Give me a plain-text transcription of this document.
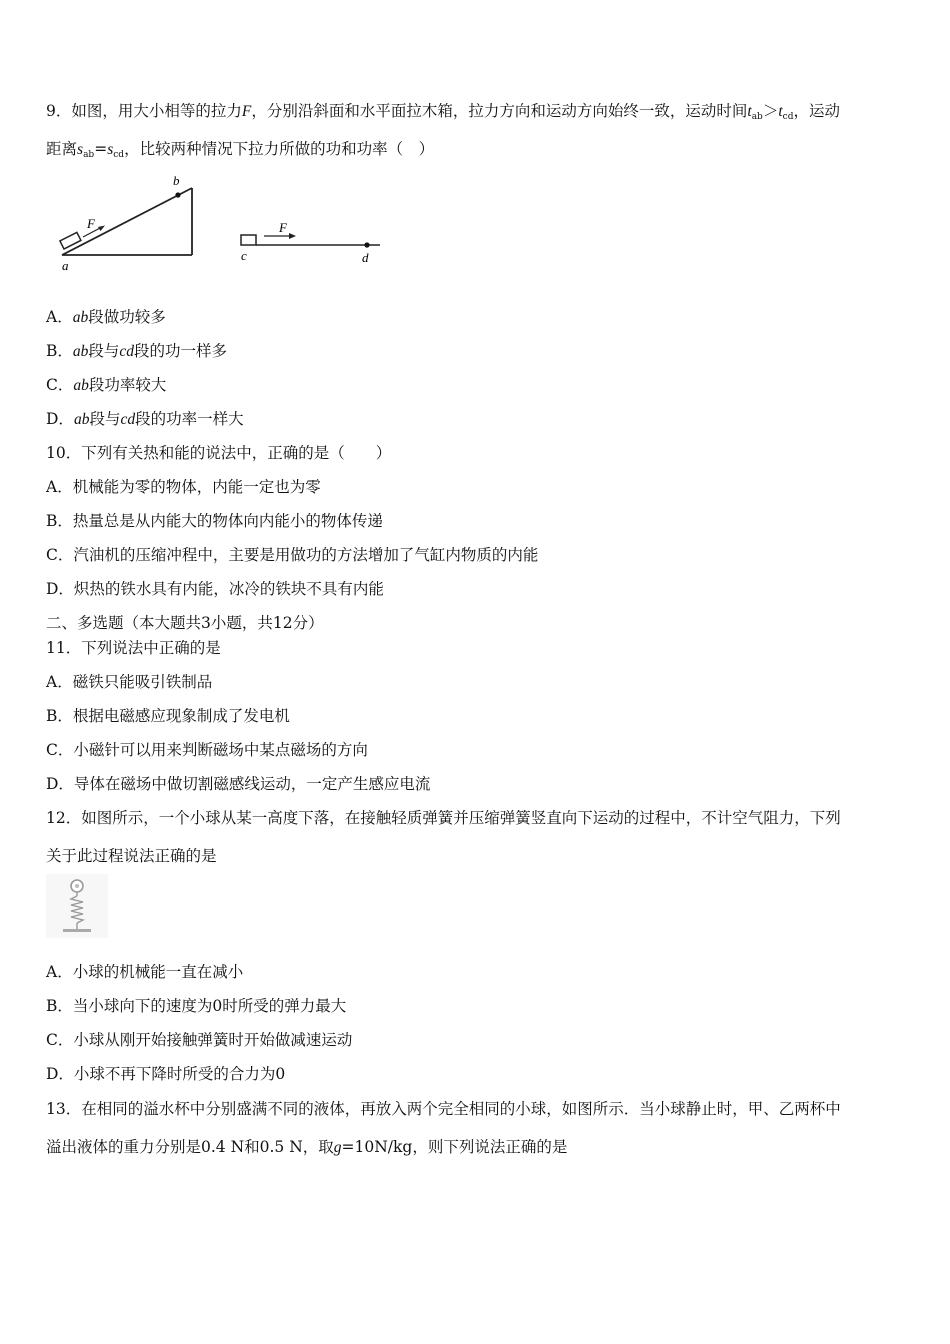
9．如图，用大小相等的拉力F，分别沿斜面和水平面拉木箱，拉力方向和运动方向始终一致，运动时间$t_{ab}>t_{cd}$，运动
距离$s_{ab}=s_{cd}$，比较两种情况下拉力所做的功和功率（　）
F
a
b
F
c	d
A．ab段做功较多
B．ab段与cd段的功一样多
C．ab段功率较大
D．ab段与cd段的功率一样大
10．下列有关热和能的说法中，正确的是（　　）
A．机械能为零的物体，内能一定也为零
B．热量总是从内能大的物体向内能小的物体传递
C．汽油机的压缩冲程中，主要是用做功的方法增加了气缸内物质的内能
D．炽热的铁水具有内能，冰冷的铁块不具有内能
二、多选题（本大题共3小题，共12分）
11．下列说法中正确的是
A．磁铁只能吸引铁制品
B．根据电磁感应现象制成了发电机
C．小磁针可以用来判断磁场中某点磁场的方向
D．导体在磁场中做切割磁感线运动，一定产生感应电流
12．如图所示，一个小球从某一高度下落，在接触轻质弹簧并压缩弹簧竖直向下运动的过程中，不计空气阻力，下列
关于此过程说法正确的是
A．小球的机械能一直在减小
B．当小球向下的速度为0时所受的弹力最大
C．小球从刚开始接触弹簧时开始做减速运动
D．小球不再下降时所受的合力为0
13．在相同的溢水杯中分别盛满不同的液体，再放入两个完全相同的小球，如图所示．当小球静止时，甲、乙两杯中
溢出液体的重力分别是0.4 N和0.5 N，取g=10N/kg，则下列说法正确的是
